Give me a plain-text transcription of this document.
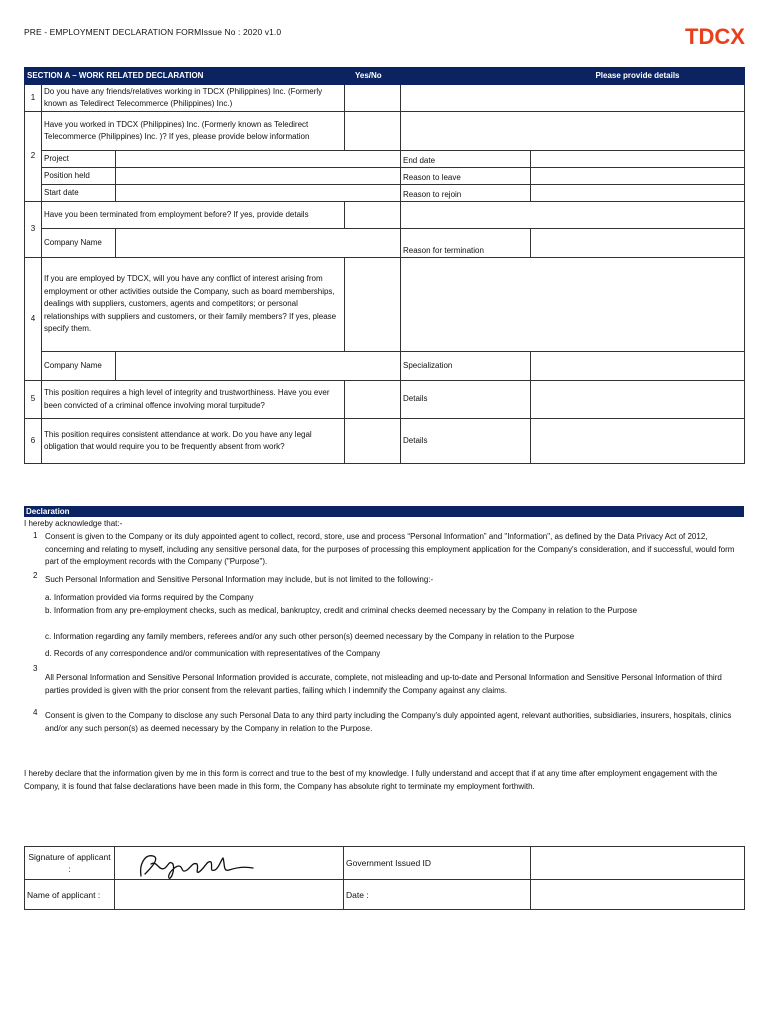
PRE - EMPLOYMENT DECLARATION FORMIssue No : 2020 v1.0	TDCX
SECTION A – WORK RELATED DECLARATION			Yes/No		Please provide details
1	Do you have any friends/relatives working in TDCX (Philippines) Inc. (Formerly known as Teledirect Telecommerce (Philippines) Inc.)				
2	Have you worked in TDCX (Philippines) Inc. (Formerly known as Teledirect Telecommerce (Philippines) Inc. )? If yes, please provide below information				
	Project			End date	
	Position held			Reason to leave	
	Start date			Reason to rejoin	
3	Have you been terminated from employment before? If yes, provide details				
	Company Name			Reason for termination	
4	If you are employed by TDCX, will you have any conflict of interest arising from employment or other activities outside the Company, such as board memberships, dealings with suppliers, customers, agents and competitors; or personal relationships with suppliers and customers, or their family members? If yes, please specify them.				
	Company Name			Specialization	
5	This position requires a high level of integrity and trustworthiness. Have you ever been convicted of a criminal offence involving moral turpitude?			Details	
6	This position requires consistent attendance at work. Do you have any legal obligation that would require you to be frequently absent from work?			Details	
Declaration
I hereby acknowledge that:-
1 Consent is given to the Company or its duly appointed agent to collect, record, store, use and process “Personal Information” and "Information", as defined by the Data Privacy Act of 2012, concerning and relating to myself, including any sensitive personal data, for the purposes of processing this employment application for the Company's consideration, and if successful, would form part of the employment records with the Company ("Purpose").
2 Such Personal Information and Sensitive Personal Information may include, but is not limited to the following:-
a. Information provided via forms required by the Company
b. Information from any pre-employment checks, such as medical, bankruptcy, credit and criminal checks deemed necessary by the Company in relation to the Purpose
c. Information regarding any family members, referees and/or any such other person(s) deemed necessary by the Company in relation to the Purpose
d. Records of any correspondence and/or communication with representatives of the Company
3
All Personal Information and Sensitive Personal Information provided is accurate, complete, not misleading and up-to-date and Personal Information and Sensitive Personal Information of third parties provided is given with the prior consent from the relevant parties, failing which I indemnify the Company against any claims.
4 Consent is given to the Company to disclose any such Personal Data to any third party including the Company's duly appointed agent, relevant authorities, subsidiaries, insurers, hospitals, clinics and/or any such person(s) as deemed necessary by the Company in relation to the Purpose.
I hereby declare that the information given by me in this form is correct and true to the best of my knowledge. I fully understand and accept that if at any time after employment engagement with the Company, it is found that false declarations have been made in this form, the Company has absolute right to terminate my employment forthwith.
Signature of applicant :		Government Issued ID	
Name of applicant :		Date :	
